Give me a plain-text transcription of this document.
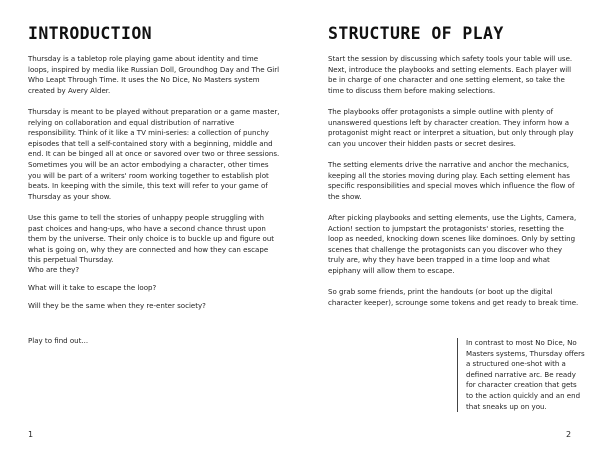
INTRODUCTION

Thursday is a tabletop role playing game about identity and time loops, inspired by media like Russian Doll, Groundhog Day and The Girl Who Leapt Through Time. It uses the No Dice, No Masters system created by Avery Alder.

Thursday is meant to be played without preparation or a game master, relying on collaboration and equal distribution of narrative responsibility. Think of it like a TV mini-series: a collection of punchy episodes that tell a self-contained story with a beginning, middle and end. It can be binged all at once or savored over two or three sessions. Sometimes you will be an actor embodying a character, other times you will be part of a writers' room working together to establish plot beats. In keeping with the simile, this text will refer to your game of Thursday as your show.

Use this game to tell the stories of unhappy people struggling with past choices and hang-ups, who have a second chance thrust upon them by the universe. Their only choice is to buckle up and figure out what is going on, why they are connected and how they can escape this perpetual Thursday.

Who are they?

What will it take to escape the loop?

Will they be the same when they re-enter society?

Play to find out...

1
STRUCTURE OF PLAY

Start the session by discussing which safety tools your table will use. Next, introduce the playbooks and setting elements. Each player will be in charge of one character and one setting element, so take the time to discuss them before making selections.

The playbooks offer protagonists a simple outline with plenty of unanswered questions left by character creation. They inform how a protagonist might react or interpret a situation, but only through play can you uncover their hidden pasts or secret desires.

The setting elements drive the narrative and anchor the mechanics, keeping all the stories moving during play. Each setting element has specific responsibilities and special moves which influence the flow of the show.

After picking playbooks and setting elements, use the Lights, Camera, Action! section to jumpstart the protagonists' stories, resetting the loop as needed, knocking down scenes like dominoes. Only by setting scenes that challenge the protagonists can you discover who they truly are, why they have been trapped in a time loop and what epiphany will allow them to escape.

So grab some friends, print the handouts (or boot up the digital character keeper), scrounge some tokens and get ready to break time.

In contrast to most No Dice, No Masters systems, Thursday offers a structured one-shot with a defined narrative arc. Be ready for character creation that gets to the action quickly and an end that sneaks up on you.
2
